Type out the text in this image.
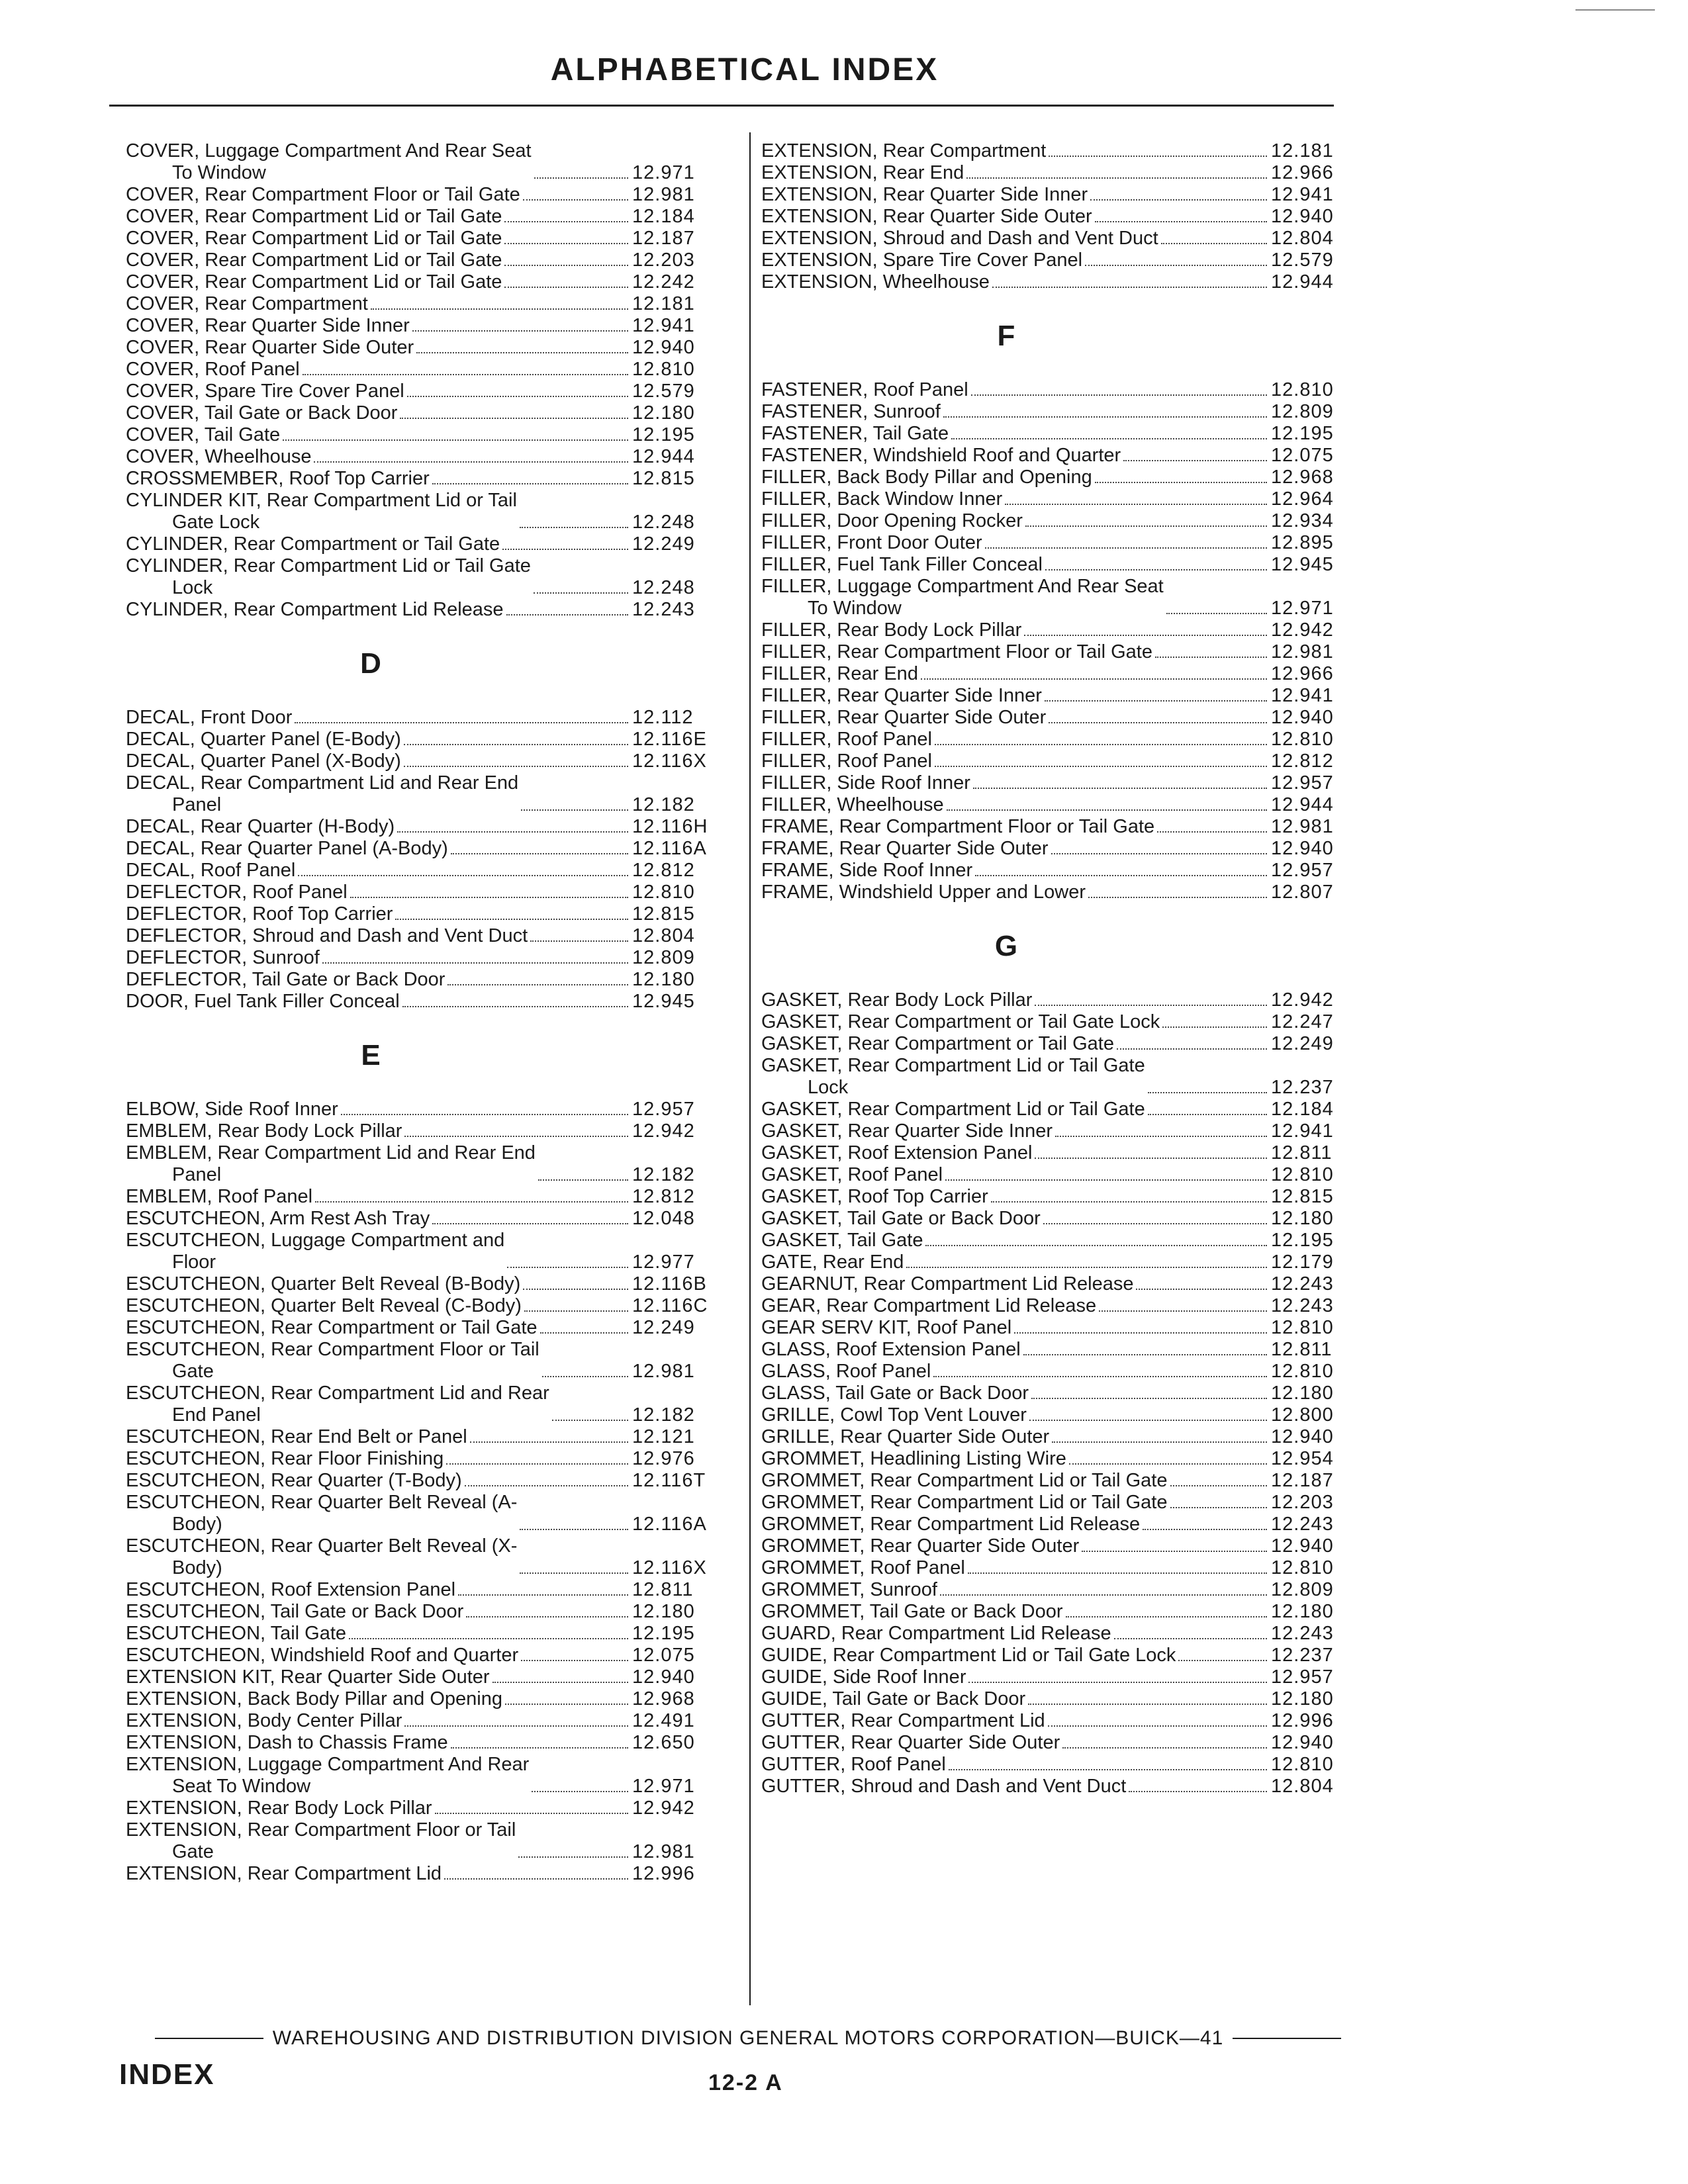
ALPHABETICAL INDEX
COVER, Luggage Compartment And Rear Seat
To Window	12.971
COVER, Rear Compartment Floor or Tail Gate	12.981
COVER, Rear Compartment Lid or Tail Gate	12.184
COVER, Rear Compartment Lid or Tail Gate	12.187
COVER, Rear Compartment Lid or Tail Gate	12.203
COVER, Rear Compartment Lid or Tail Gate	12.242
COVER, Rear Compartment	12.181
COVER, Rear Quarter Side Inner	12.941
COVER, Rear Quarter Side Outer	12.940
COVER, Roof Panel	12.810
COVER, Spare Tire Cover Panel	12.579
COVER, Tail Gate or Back Door	12.180
COVER, Tail Gate	12.195
COVER, Wheelhouse	12.944
CROSSMEMBER, Roof Top Carrier	12.815
CYLINDER KIT, Rear Compartment Lid or Tail
Gate Lock	12.248
CYLINDER, Rear Compartment or Tail Gate	12.249
CYLINDER, Rear Compartment Lid or Tail Gate
Lock	12.248
CYLINDER, Rear Compartment Lid Release	12.243
D
DECAL, Front Door	12.112
DECAL, Quarter Panel (E-Body)	12.116E
DECAL, Quarter Panel (X-Body)	12.116X
DECAL, Rear Compartment Lid and Rear End
Panel	12.182
DECAL, Rear Quarter (H-Body)	12.116H
DECAL, Rear Quarter Panel (A-Body)	12.116A
DECAL, Roof Panel	12.812
DEFLECTOR, Roof Panel	12.810
DEFLECTOR, Roof Top Carrier	12.815
DEFLECTOR, Shroud and Dash and Vent Duct	12.804
DEFLECTOR, Sunroof	12.809
DEFLECTOR, Tail Gate or Back Door	12.180
DOOR, Fuel Tank Filler Conceal	12.945
E
ELBOW, Side Roof Inner	12.957
EMBLEM, Rear Body Lock Pillar	12.942
EMBLEM, Rear Compartment Lid and Rear End
Panel	12.182
EMBLEM, Roof Panel	12.812
ESCUTCHEON, Arm Rest Ash Tray	12.048
ESCUTCHEON, Luggage Compartment and
Floor	12.977
ESCUTCHEON, Quarter Belt Reveal (B-Body)	12.116B
ESCUTCHEON, Quarter Belt Reveal (C-Body)	12.116C
ESCUTCHEON, Rear Compartment or Tail Gate	12.249
ESCUTCHEON, Rear Compartment Floor or Tail
Gate	12.981
ESCUTCHEON, Rear Compartment Lid and Rear
End Panel	12.182
ESCUTCHEON, Rear End Belt or Panel	12.121
ESCUTCHEON, Rear Floor Finishing	12.976
ESCUTCHEON, Rear Quarter (T-Body)	12.116T
ESCUTCHEON, Rear Quarter Belt Reveal (A-
Body)	12.116A
ESCUTCHEON, Rear Quarter Belt Reveal (X-
Body)	12.116X
ESCUTCHEON, Roof Extension Panel	12.811
ESCUTCHEON, Tail Gate or Back Door	12.180
ESCUTCHEON, Tail Gate	12.195
ESCUTCHEON, Windshield Roof and Quarter	12.075
EXTENSION KIT, Rear Quarter Side Outer	12.940
EXTENSION, Back Body Pillar and Opening	12.968
EXTENSION, Body Center Pillar	12.491
EXTENSION, Dash to Chassis Frame	12.650
EXTENSION, Luggage Compartment And Rear
Seat To Window	12.971
EXTENSION, Rear Body Lock Pillar	12.942
EXTENSION, Rear Compartment Floor or Tail
Gate	12.981
EXTENSION, Rear Compartment Lid	12.996
EXTENSION, Rear Compartment	12.181
EXTENSION, Rear End	12.966
EXTENSION, Rear Quarter Side Inner	12.941
EXTENSION, Rear Quarter Side Outer	12.940
EXTENSION, Shroud and Dash and Vent Duct	12.804
EXTENSION, Spare Tire Cover Panel	12.579
EXTENSION, Wheelhouse	12.944
F
FASTENER, Roof Panel	12.810
FASTENER, Sunroof	12.809
FASTENER, Tail Gate	12.195
FASTENER, Windshield Roof and Quarter	12.075
FILLER, Back Body Pillar and Opening	12.968
FILLER, Back Window Inner	12.964
FILLER, Door Opening Rocker	12.934
FILLER, Front Door Outer	12.895
FILLER, Fuel Tank Filler Conceal	12.945
FILLER, Luggage Compartment And Rear Seat
To Window	12.971
FILLER, Rear Body Lock Pillar	12.942
FILLER, Rear Compartment Floor or Tail Gate	12.981
FILLER, Rear End	12.966
FILLER, Rear Quarter Side Inner	12.941
FILLER, Rear Quarter Side Outer	12.940
FILLER, Roof Panel	12.810
FILLER, Roof Panel	12.812
FILLER, Side Roof Inner	12.957
FILLER, Wheelhouse	12.944
FRAME, Rear Compartment Floor or Tail Gate	12.981
FRAME, Rear Quarter Side Outer	12.940
FRAME, Side Roof Inner	12.957
FRAME, Windshield Upper and Lower	12.807
G
GASKET, Rear Body Lock Pillar	12.942
GASKET, Rear Compartment or Tail Gate Lock	12.247
GASKET, Rear Compartment or Tail Gate	12.249
GASKET, Rear Compartment Lid or Tail Gate
Lock	12.237
GASKET, Rear Compartment Lid or Tail Gate	12.184
GASKET, Rear Quarter Side Inner	12.941
GASKET, Roof Extension Panel	12.811
GASKET, Roof Panel	12.810
GASKET, Roof Top Carrier	12.815
GASKET, Tail Gate or Back Door	12.180
GASKET, Tail Gate	12.195
GATE, Rear End	12.179
GEARNUT, Rear Compartment Lid Release	12.243
GEAR, Rear Compartment Lid Release	12.243
GEAR SERV KIT, Roof Panel	12.810
GLASS, Roof Extension Panel	12.811
GLASS, Roof Panel	12.810
GLASS, Tail Gate or Back Door	12.180
GRILLE, Cowl Top Vent Louver	12.800
GRILLE, Rear Quarter Side Outer	12.940
GROMMET, Headlining Listing Wire	12.954
GROMMET, Rear Compartment Lid or Tail Gate	12.187
GROMMET, Rear Compartment Lid or Tail Gate	12.203
GROMMET, Rear Compartment Lid Release	12.243
GROMMET, Rear Quarter Side Outer	12.940
GROMMET, Roof Panel	12.810
GROMMET, Sunroof	12.809
GROMMET, Tail Gate or Back Door	12.180
GUARD, Rear Compartment Lid Release	12.243
GUIDE, Rear Compartment Lid or Tail Gate Lock	12.237
GUIDE, Side Roof Inner	12.957
GUIDE, Tail Gate or Back Door	12.180
GUTTER, Rear Compartment Lid	12.996
GUTTER, Rear Quarter Side Outer	12.940
GUTTER, Roof Panel	12.810
GUTTER, Shroud and Dash and Vent Duct	12.804
WAREHOUSING AND DISTRIBUTION DIVISION GENERAL MOTORS CORPORATION—BUICK—41
INDEX	12-2 A
